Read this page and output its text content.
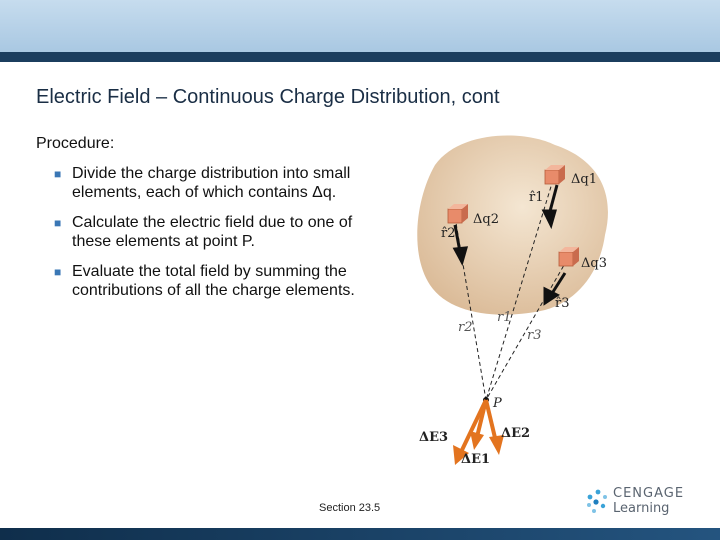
Electric Field – Continuous Charge Distribution, cont
Procedure:
■ Divide the charge distribution into small elements, each of which contains Δq.
■ Calculate the electric field due to one of these elements at point P.
■ Evaluate the total field by summing the contributions of all the charge elements.
Δq1
Δq2
Δq3
r̂1
r̂2
r̂3
r1
r2
r3
P
ΔE3	ΔE2
ΔE1
Section 23.5
CENGAGE
Learning
